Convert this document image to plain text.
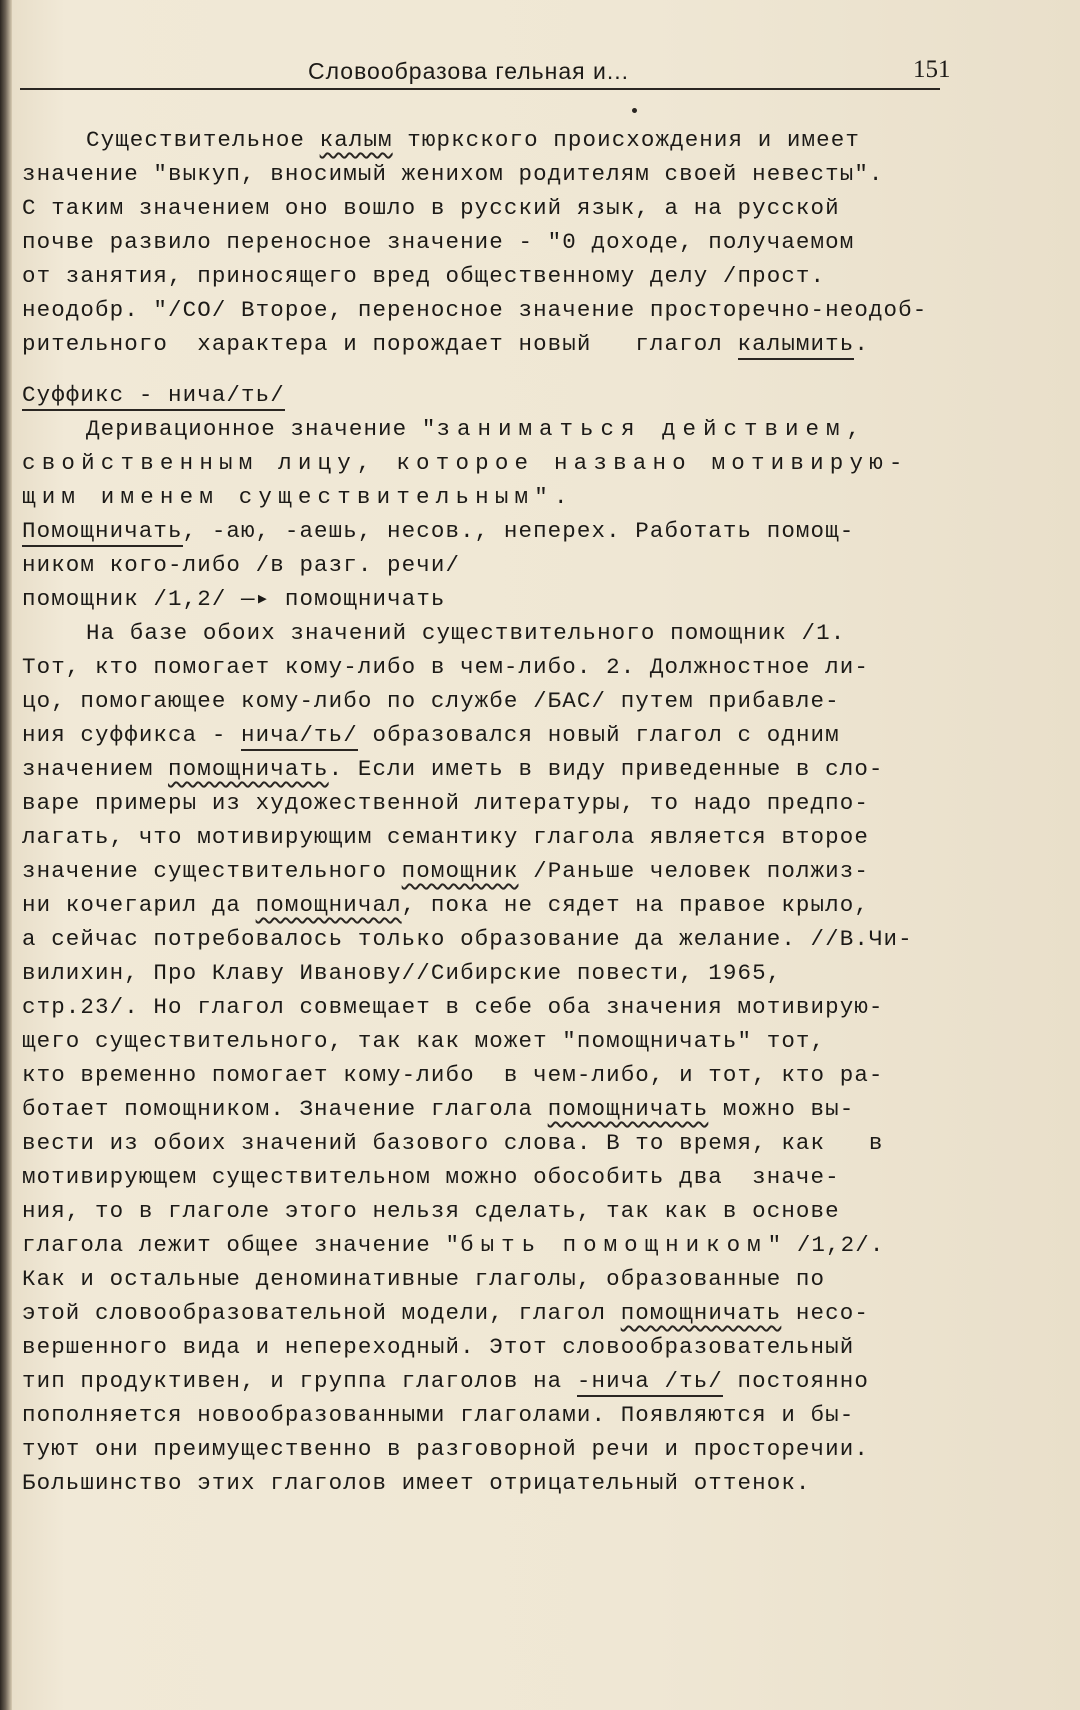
Словообразова гельная и...	151
Существительное калым тюркского происхождения и имеет
значение "выкуп, вносимый женихом родителям своей невесты".
С таким значением оно вошло в русский язык, а на русской
почве развило переносное значение - "0 доходе, получаемом
от занятия, приносящего вред общественному делу /прост.
неодобр. "/СО/ Второе, переносное значение просторечно-неодоб-
рительного  характера и порождает новый   глагол калымить.
Суффикс - нича/ть/
Деривационное значение "заниматься действием,
свойственным лицу, которое названо мотивирую-
щим именем существительным".
Помощничать, -аю, -аешь, несов., неперех. Работать помощ-
ником кого-либо /в разг. речи/
помощник /1,2/ —▸ помощничать
На базе обоих значений существительного помощник /1.
Тот, кто помогает кому-либо в чем-либо. 2. Должностное ли-
цо, помогающее кому-либо по службе /БАС/ путем прибавле-
ния суффикса - нича/ть/ образовался новый глагол с одним
значением помощничать. Если иметь в виду приведенные в сло-
варе примеры из художественной литературы, то надо предпо-
лагать, что мотивирующим семантику глагола является второе
значение существительного помощник /Раньше человек полжиз-
ни кочегарил да помощничал, пока не сядет на правое крыло,
а сейчас потребовалось только образование да желание. //В.Чи-
вилихин, Про Клаву Иванову//Сибирские повести, 1965,
стр.23/. Но глагол совмещает в себе оба значения мотивирую-
щего существительного, так как может "помощничать" тот,
кто временно помогает кому-либо  в чем-либо, и тот, кто ра-
ботает помощником. Значение глагола помощничать можно вы-
вести из обоих значений базового слова. В то время, как   в
мотивирующем существительном можно обособить два  значе-
ния, то в глаголе этого нельзя сделать, так как в основе
глагола лежит общее значение "быть помощником" /1,2/.
Как и остальные деноминативные глаголы, образованные по
этой словообразовательной модели, глагол помощничать несо-
вершенного вида и непереходный. Этот словообразовательный
тип продуктивен, и группа глаголов на -нича /ть/ постоянно
пополняется новообразованными глаголами. Появляются и бы-
туют они преимущественно в разговорной речи и просторечии.
Большинство этих глаголов имеет отрицательный оттенок.
